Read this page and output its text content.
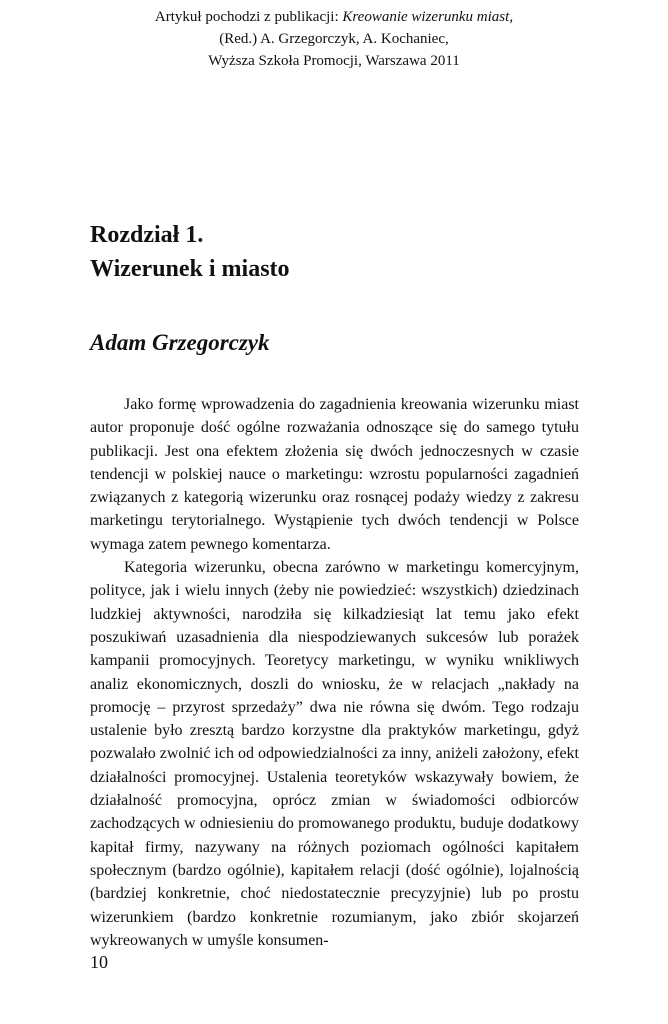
Artykuł pochodzi z publikacji: Kreowanie wizerunku miast,
(Red.) A. Grzegorczyk, A. Kochaniec,
Wyższa Szkoła Promocji, Warszawa 2011
Rozdział 1.
Wizerunek i miasto
Adam Grzegorczyk

Jako formę wprowadzenia do zagadnienia kreowania wizerunku miast autor proponuje dość ogólne rozważania odnoszące się do samego tytułu publikacji. Jest ona efektem złożenia się dwóch jednoczesnych w czasie tendencji w polskiej nauce o marketingu: wzrostu popularności zagadnień związanych z kategorią wizerunku oraz rosnącej podaży wiedzy z zakresu marketingu terytorialnego. Wystąpienie tych dwóch tendencji w Polsce wymaga zatem pewnego komentarza.

Kategoria wizerunku, obecna zarówno w marketingu komercyjnym, polityce, jak i wielu innych (żeby nie powiedzieć: wszystkich) dziedzinach ludzkiej aktywności, narodziła się kilkadziesiąt lat temu jako efekt poszukiwań uzasadnienia dla niespodziewanych sukcesów lub porażek kampanii promocyjnych. Teoretycy marketingu, w wyniku wnikliwych analiz ekonomicznych, doszli do wniosku, że w relacjach „nakłady na promocję – przyrost sprzedaży” dwa nie równa się dwóm. Tego rodzaju ustalenie było zresztą bardzo korzystne dla praktyków marketingu, gdyż pozwalało zwolnić ich od odpowiedzialności za inny, aniżeli założony, efekt działalności promocyjnej. Ustalenia teoretyków wskazywały bowiem, że działalność promocyjna, oprócz zmian w świadomości odbiorców zachodzących w odniesieniu do promowanego produktu, buduje dodatkowy kapitał firmy, nazywany na różnych poziomach ogólności kapitałem społecznym (bardzo ogólnie), kapitałem relacji (dość ogólnie), lojalnością (bardziej konkretnie, choć niedostatecznie precyzyjnie) lub po prostu wizerunkiem (bardzo konkretnie rozumianym, jako zbiór skojarzeń wykreowanych w umyśle konsumen-

10
